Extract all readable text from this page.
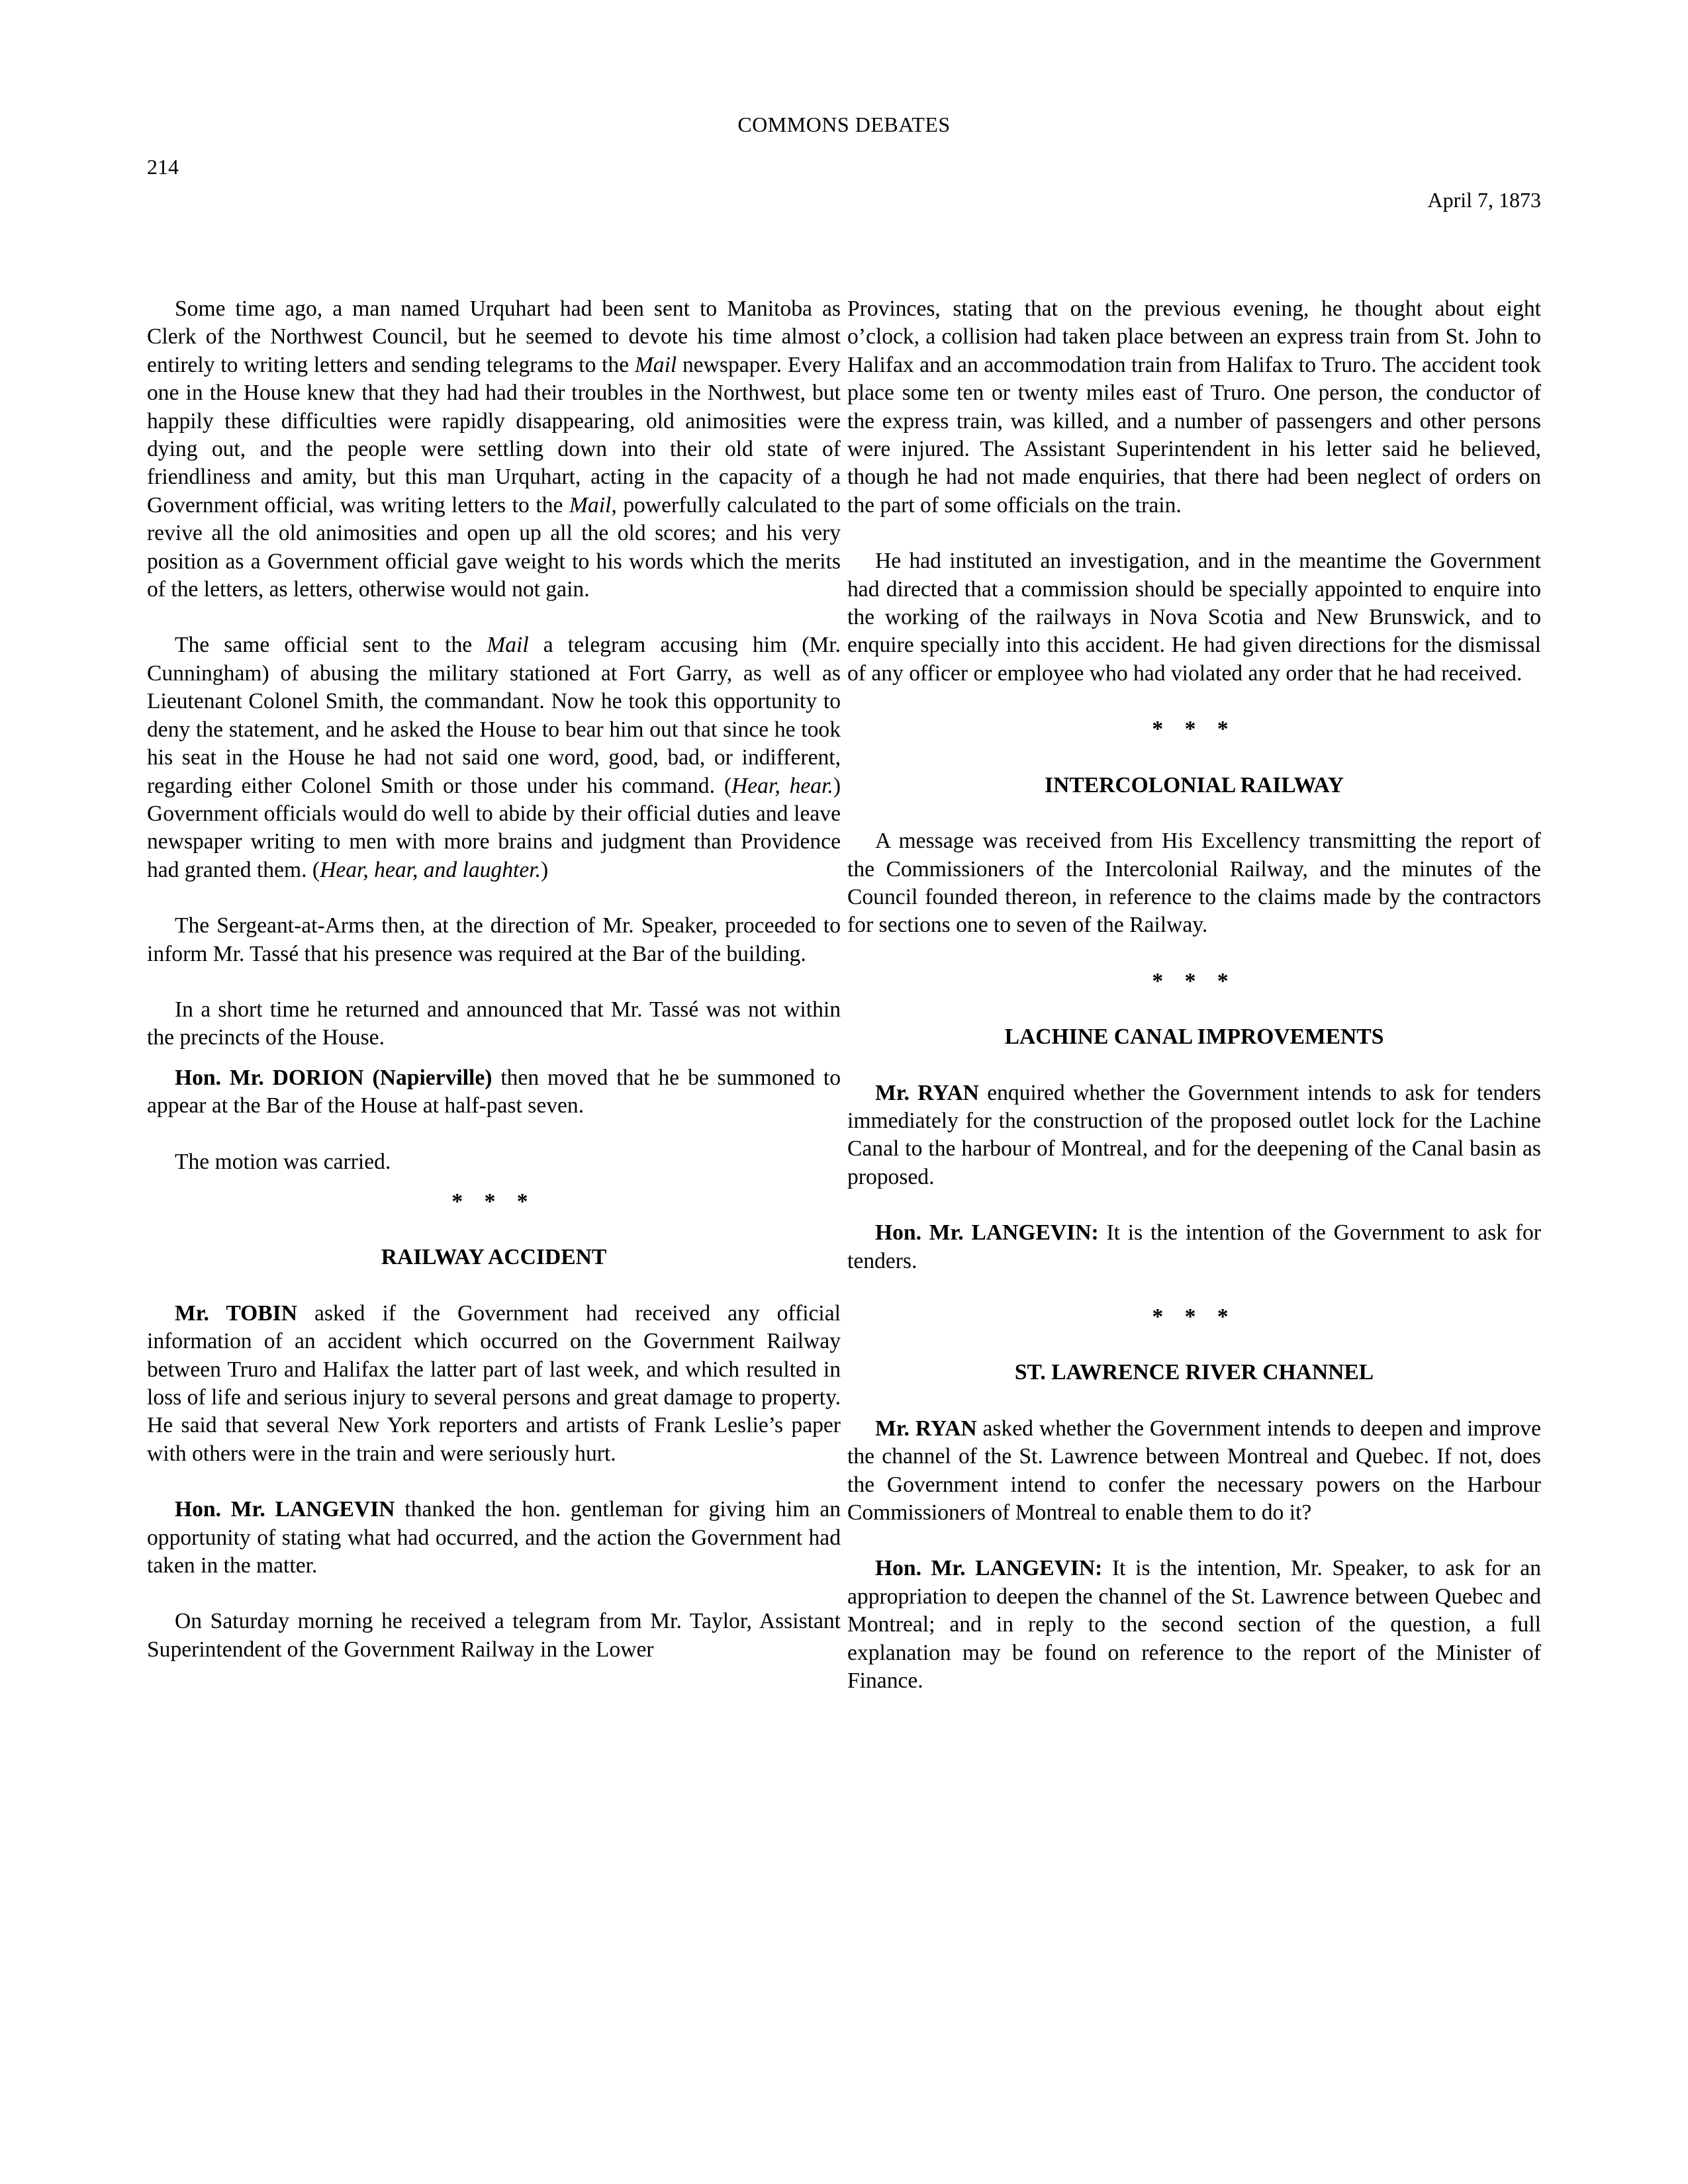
COMMONS DEBATES
214
April 7, 1873

Some time ago, a man named Urquhart had been sent to Manitoba as Clerk of the Northwest Council, but he seemed to devote his time almost entirely to writing letters and sending telegrams to the Mail newspaper. Every one in the House knew that they had had their troubles in the Northwest, but happily these difficulties were rapidly disappearing, old animosities were dying out, and the people were settling down into their old state of friendliness and amity, but this man Urquhart, acting in the capacity of a Government official, was writing letters to the Mail, powerfully calculated to revive all the old animosities and open up all the old scores; and his very position as a Government official gave weight to his words which the merits of the letters, as letters, otherwise would not gain.

The same official sent to the Mail a telegram accusing him (Mr. Cunningham) of abusing the military stationed at Fort Garry, as well as Lieutenant Colonel Smith, the commandant. Now he took this opportunity to deny the statement, and he asked the House to bear him out that since he took his seat in the House he had not said one word, good, bad, or indifferent, regarding either Colonel Smith or those under his command. (Hear, hear.) Government officials would do well to abide by their official duties and leave newspaper writing to men with more brains and judgment than Providence had granted them. (Hear, hear, and laughter.)

The Sergeant-at-Arms then, at the direction of Mr. Speaker, proceeded to inform Mr. Tassé that his presence was required at the Bar of the building.

In a short time he returned and announced that Mr. Tassé was not within the precincts of the House.

Hon. Mr. DORION (Napierville) then moved that he be summoned to appear at the Bar of the House at half-past seven.

The motion was carried.

* * *
RAILWAY ACCIDENT

Mr. TOBIN asked if the Government had received any official information of an accident which occurred on the Government Railway between Truro and Halifax the latter part of last week, and which resulted in loss of life and serious injury to several persons and great damage to property. He said that several New York reporters and artists of Frank Leslie’s paper with others were in the train and were seriously hurt.

Hon. Mr. LANGEVIN thanked the hon. gentleman for giving him an opportunity of stating what had occurred, and the action the Government had taken in the matter.

On Saturday morning he received a telegram from Mr. Taylor, Assistant Superintendent of the Government Railway in the Lower

Provinces, stating that on the previous evening, he thought about eight o’clock, a collision had taken place between an express train from St. John to Halifax and an accommodation train from Halifax to Truro. The accident took place some ten or twenty miles east of Truro. One person, the conductor of the express train, was killed, and a number of passengers and other persons were injured. The Assistant Superintendent in his letter said he believed, though he had not made enquiries, that there had been neglect of orders on the part of some officials on the train.

He had instituted an investigation, and in the meantime the Government had directed that a commission should be specially appointed to enquire into the working of the railways in Nova Scotia and New Brunswick, and to enquire specially into this accident. He had given directions for the dismissal of any officer or employee who had violated any order that he had received.

* * *
INTERCOLONIAL RAILWAY

A message was received from His Excellency transmitting the report of the Commissioners of the Intercolonial Railway, and the minutes of the Council founded thereon, in reference to the claims made by the contractors for sections one to seven of the Railway.

* * *
LACHINE CANAL IMPROVEMENTS

Mr. RYAN enquired whether the Government intends to ask for tenders immediately for the construction of the proposed outlet lock for the Lachine Canal to the harbour of Montreal, and for the deepening of the Canal basin as proposed.

Hon. Mr. LANGEVIN: It is the intention of the Government to ask for tenders.

* * *
ST. LAWRENCE RIVER CHANNEL

Mr. RYAN asked whether the Government intends to deepen and improve the channel of the St. Lawrence between Montreal and Quebec. If not, does the Government intend to confer the necessary powers on the Harbour Commissioners of Montreal to enable them to do it?

Hon. Mr. LANGEVIN: It is the intention, Mr. Speaker, to ask for an appropriation to deepen the channel of the St. Lawrence between Quebec and Montreal; and in reply to the second section of the question, a full explanation may be found on reference to the report of the Minister of Finance.
